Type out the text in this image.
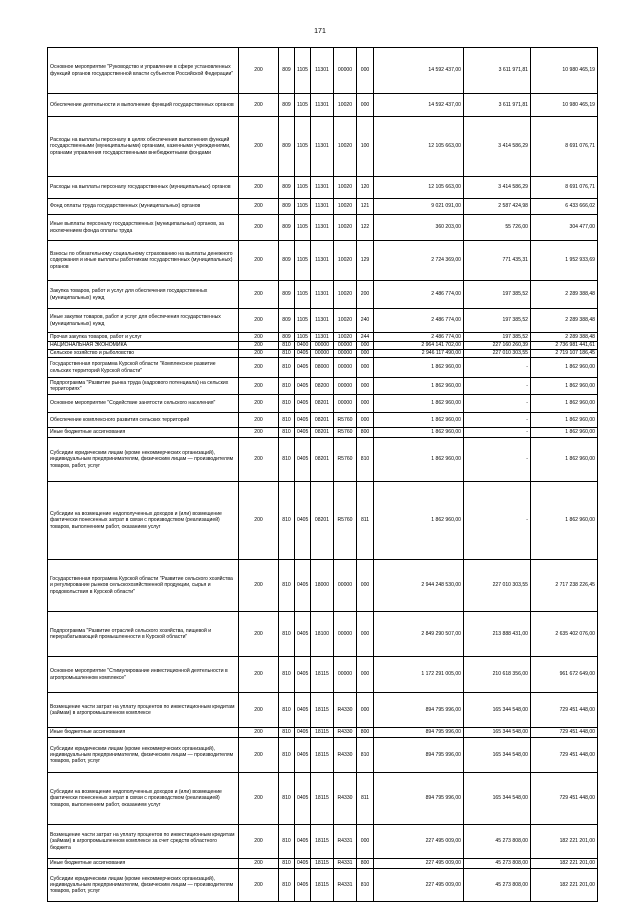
171
Основное мероприятие "Руководство и управление в сфере установленных функций органов государственной власти субъектов Российской Федерации"	200	809	1105	11301	00000	000	14 592 437,00	3 611 971,81	10 980 465,19
Обеспечение деятельности и выполнение функций государственных органов	200	809	1105	11301	10020	000	14 592 437,00	3 611 971,81	10 980 465,19
Расходы на выплаты персоналу в целях обеспечения выполнения функций государственными (муниципальными) органами, казенными учреждениями, органами управления государственными внебюджетными фондами	200	809	1105	11301	10020	100	12 105 663,00	3 414 586,29	8 691 076,71
Расходы на выплаты персоналу государственных (муниципальных) органов	200	809	1105	11301	10020	120	12 105 663,00	3 414 586,29	8 691 076,71
Фонд оплаты труда государственных (муниципальных) органов	200	809	1105	11301	10020	121	9 021 091,00	2 587 424,98	6 433 666,02
Иные выплаты персоналу государственных (муниципальных) органов, за исключением фонда оплаты труда	200	809	1105	11301	10020	122	360 203,00	55 726,00	304 477,00
Взносы по обязательному социальному страхованию на выплаты денежного содержания и иные выплаты работникам государственных (муниципальных) органов	200	809	1105	11301	10020	129	2 724 369,00	771 435,31	1 952 933,69
Закупка товаров, работ и услуг для обеспечения государственных (муниципальных) нужд	200	809	1105	11301	10020	200	2 486 774,00	197 385,52	2 289 388,48
Иные закупки товаров, работ и услуг для обеспечения государственных (муниципальных) нужд	200	809	1105	11301	10020	240	2 486 774,00	197 385,52	2 289 388,48
Прочая закупка товаров, работ и услуг	200	809	1105	11301	10020	244	2 486 774,00	197 385,52	2 289 388,48
НАЦИОНАЛЬНАЯ ЭКОНОМИКА	200	810	0400	00000	00000	000	2 964 141 702,00	227 160 260,39	2 736 981 441,61
Сельское хозяйство и рыболовство	200	810	0405	00000	00000	000	2 946 117 490,00	227 010 303,55	2 719 107 186,45
Государственная программа Курской области "Комплексное развитие сельских территорий Курской области"	200	810	0405	08000	00000	000	1 862 960,00	-	1 862 960,00
Подпрограмма "Развитие рынка труда (кадрового потенциала) на сельских территориях"	200	810	0405	08200	00000	000	1 862 960,00	-	1 862 960,00
Основное мероприятие "Содействие занятости сельского населения"	200	810	0405	08201	00000	000	1 862 960,00	-	1 862 960,00
Обеспечение комплексного развития сельских территорий	200	810	0405	08201	R5760	000	1 862 960,00	-	1 862 960,00
Иные бюджетные ассигнования	200	810	0405	08201	R5760	800	1 862 960,00	-	1 862 960,00
Субсидии юридическим лицам (кроме некоммерческих организаций), индивидуальным предпринимателям, физическим лицам — производителям товаров, работ, услуг	200	810	0405	08201	R5760	810	1 862 960,00	-	1 862 960,00
Субсидии на возмещение недополученных доходов и (или) возмещение фактически понесенных затрат в связи с производством (реализацией) товаров, выполнением работ, оказанием услуг	200	810	0405	08201	R5760	811	1 862 960,00	-	1 862 960,00
Государственная программа Курской области "Развитие сельского хозяйства и регулирование рынков сельскохозяйственной продукции, сырья и продовольствия в Курской области"	200	810	0405	18000	00000	000	2 944 248 530,00	227 010 303,55	2 717 238 226,45
Подпрограмма "Развитие отраслей сельского хозяйства, пищевой и перерабатывающей промышленности в Курской области"	200	810	0405	18100	00000	000	2 849 290 507,00	213 888 431,00	2 635 402 076,00
Основное мероприятие "Стимулирование инвестиционной деятельности в агропромышленном комплексе"	200	810	0405	18115	00000	000	1 172 291 005,00	210 618 356,00	961 672 649,00
Возмещение части затрат на уплату процентов по инвестиционным кредитам (займам) в агропромышленном комплексе	200	810	0405	18115	R4330	000	894 795 996,00	165 344 548,00	729 451 448,00
Иные бюджетные ассигнования	200	810	0405	18115	R4330	800	894 795 996,00	165 344 548,00	729 451 448,00
Субсидии юридическим лицам (кроме некоммерческих организаций), индивидуальным предпринимателям, физическим лицам — производителям товаров, работ, услуг	200	810	0405	18115	R4330	810	894 795 996,00	165 344 548,00	729 451 448,00
Субсидии на возмещение недополученных доходов и (или) возмещение фактически понесенных затрат в связи с производством (реализацией) товаров, выполнением работ, оказанием услуг	200	810	0405	18115	R4330	811	894 795 996,00	165 344 548,00	729 451 448,00
Возмещение части затрат на уплату процентов по инвестиционным кредитам (займам) в агропромышленном комплексе за счет средств областного бюджета	200	810	0405	18115	R4331	000	227 495 009,00	45 273 808,00	182 221 201,00
Иные бюджетные ассигнования	200	810	0405	18115	R4331	800	227 495 009,00	45 273 808,00	182 221 201,00
Субсидии юридическим лицам (кроме некоммерческих организаций), индивидуальным предпринимателям, физическим лицам — производителям товаров, работ, услуг	200	810	0405	18115	R4331	810	227 495 009,00	45 273 808,00	182 221 201,00
